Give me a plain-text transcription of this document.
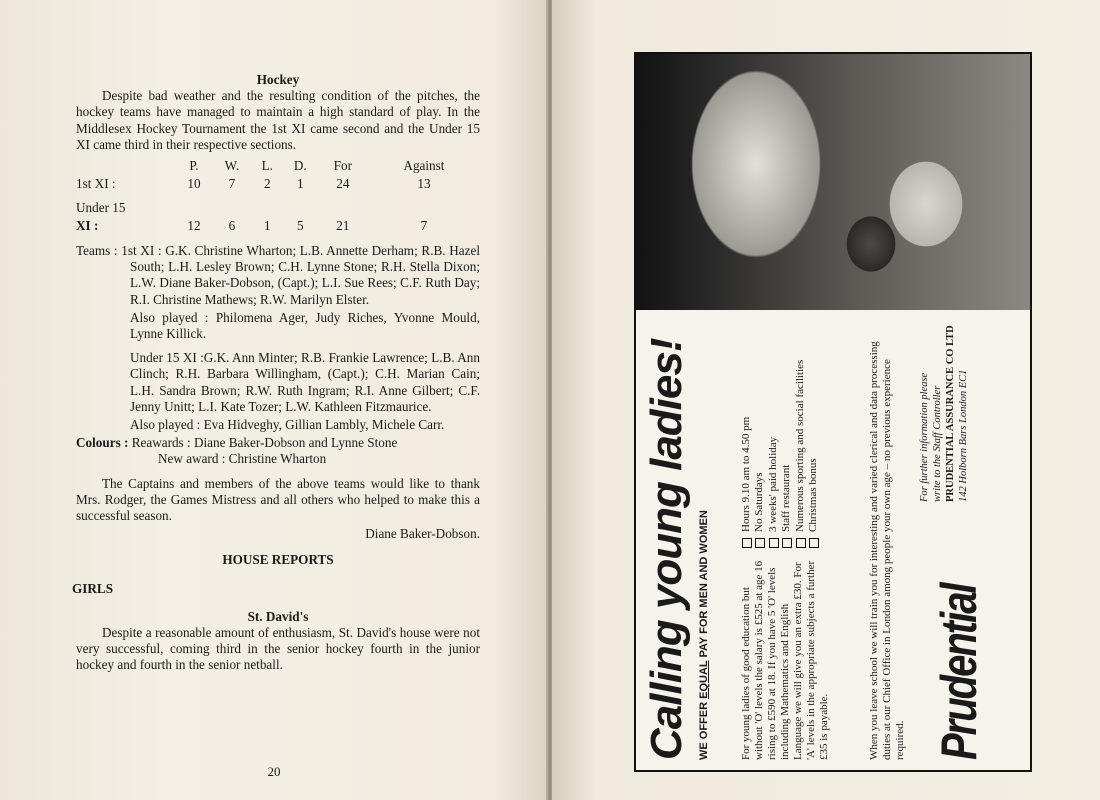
Hockey

Despite bad weather and the resulting condition of the pitches, the hockey teams have managed to maintain a high standard of play. In the Middlesex Hockey Tournament the 1st XI came second and the Under 15 XI came third in their respective sections.

	P.	W.	L.	D.	For	Against
1st XI :	10	7	2	1	24	13

Under 15						
XI :	12	6	1	5	21	7

Teams : 1st XI : G.K. Christine Wharton; L.B. Annette Derham; R.B. Hazel South; L.H. Lesley Brown; C.H. Lynne Stone; R.H. Stella Dixon; L.W. Diane Baker-Dobson, (Capt.); L.I. Sue Rees; C.F. Ruth Day; R.I. Christine Mathews; R.W. Marilyn Elster.

Also played : Philomena Ager, Judy Riches, Yvonne Mould, Lynne Killick.

Under 15 XI :G.K. Ann Minter; R.B. Frankie Lawrence; L.B. Ann Clinch; R.H. Barbara Willingham, (Capt.); C.H. Marian Cain; L.H. Sandra Brown; R.W. Ruth Ingram; R.I. Anne Gilbert; C.F. Jenny Unitt; L.I. Kate Tozer; L.W. Kathleen Fitzmaurice.

Also played : Eva Hidveghy, Gillian Lambly, Michele Carr.

Colours : Reawards : Diane Baker-Dobson and Lynne Stone

New award : Christine Wharton

The Captains and members of the above teams would like to thank Mrs. Rodger, the Games Mistress and all others who helped to make this a successful season.

Diane Baker-Dobson.

HOUSE REPORTS

GIRLS

St. David's

Despite a reasonable amount of enthusiasm, St. David's house were not very successful, coming third in the senior hockey fourth in the junior hockey and fourth in the senior netball.

20
Calling young ladies! WE OFFER EQUAL PAY FOR MEN AND WOMEN
For young ladies of good education but without 'O' levels the salary is £525 at age 16 rising to £590 at 18. If you have 5 'O' levels including Mathematics and English Language we will give you an extra £30. For 'A' levels in the appropriate subjects a further £35 is payable.
Hours 9.10 am to 4.50 pm No Saturdays 3 weeks' paid holiday Staff restaurant Numerous sporting and social facilities Christmas bonus	When you leave school we will train you for interesting and varied clerical and data processing duties at our Chief Office in London among people your own age – no previous experience required. Prudential
For further information please write to the Staff Controller PRUDENTIAL ASSURANCE CO LTD 142 Holborn Bars London EC1
